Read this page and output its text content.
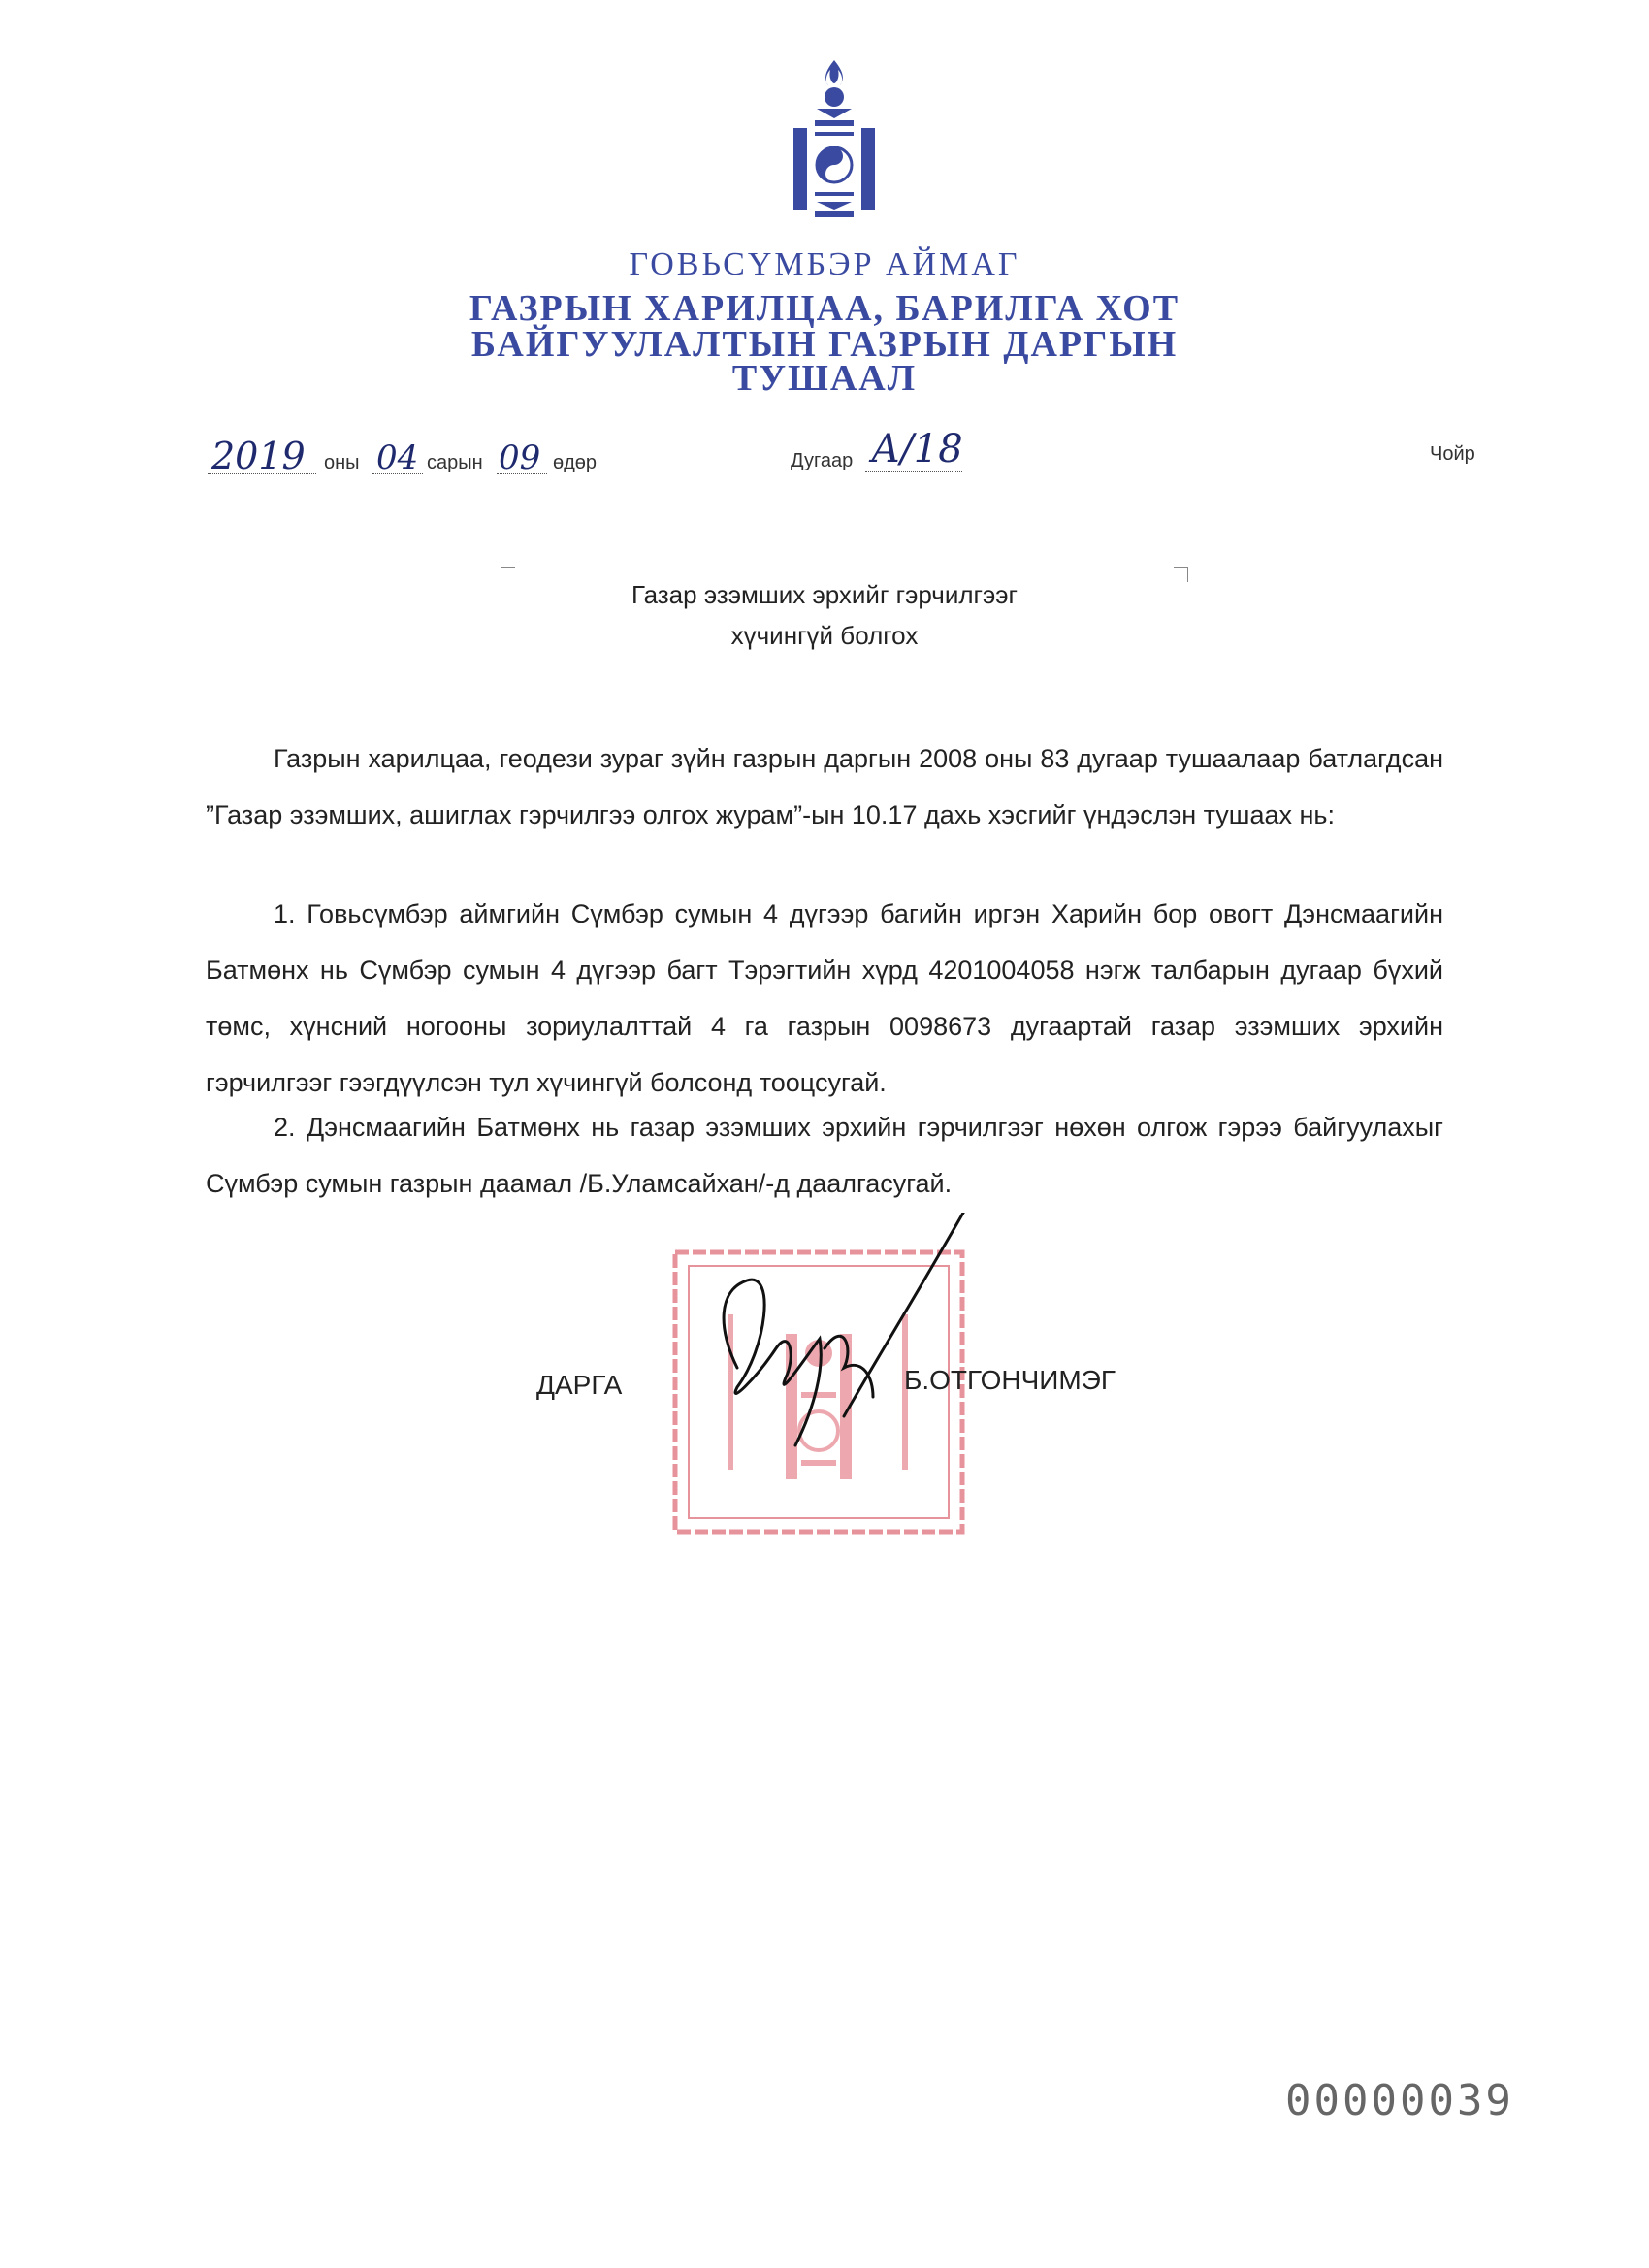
ГОВЬСҮМБЭР АЙМАГ
ГАЗРЫН ХАРИЛЦАА, БАРИЛГА ХОТ
БАЙГУУЛАЛТЫН ГАЗРЫН ДАРГЫН
ТУШААЛ
2019 оны 04 сарын 09 өдөр	Дугаар А/18	Чойр
Газар эзэмших эрхийг гэрчилгээг
хүчингүй болгох
Газрын харилцаа, геодези зураг зүйн газрын даргын 2008 оны 83 дугаар тушаалаар батлагдсан ”Газар эзэмших, ашиглах гэрчилгээ олгох журам”-ын 10.17 дахь хэсгийг үндэслэн тушаах нь:
1. Говьсүмбэр аймгийн Сүмбэр сумын 4 дүгээр багийн иргэн Харийн бор овогт Дэнсмаагийн Батмөнх нь Сүмбэр сумын 4 дүгээр багт Тэрэгтийн хүрд 4201004058 нэгж талбарын дугаар бүхий төмс, хүнсний ногооны зориулалттай 4 га газрын 0098673 дугаартай газар эзэмших эрхийн гэрчилгээг гээгдүүлсэн тул хүчингүй болсонд тооцсугай.
2. Дэнсмаагийн Батмөнх нь газар эзэмших эрхийн гэрчилгээг нөхөн олгож гэрээ байгуулахыг Сүмбэр сумын газрын даамал /Б.Уламсайхан/-д даалгасугай.
ДАРГА	Б.ОТГОНЧИМЭГ
00000039
